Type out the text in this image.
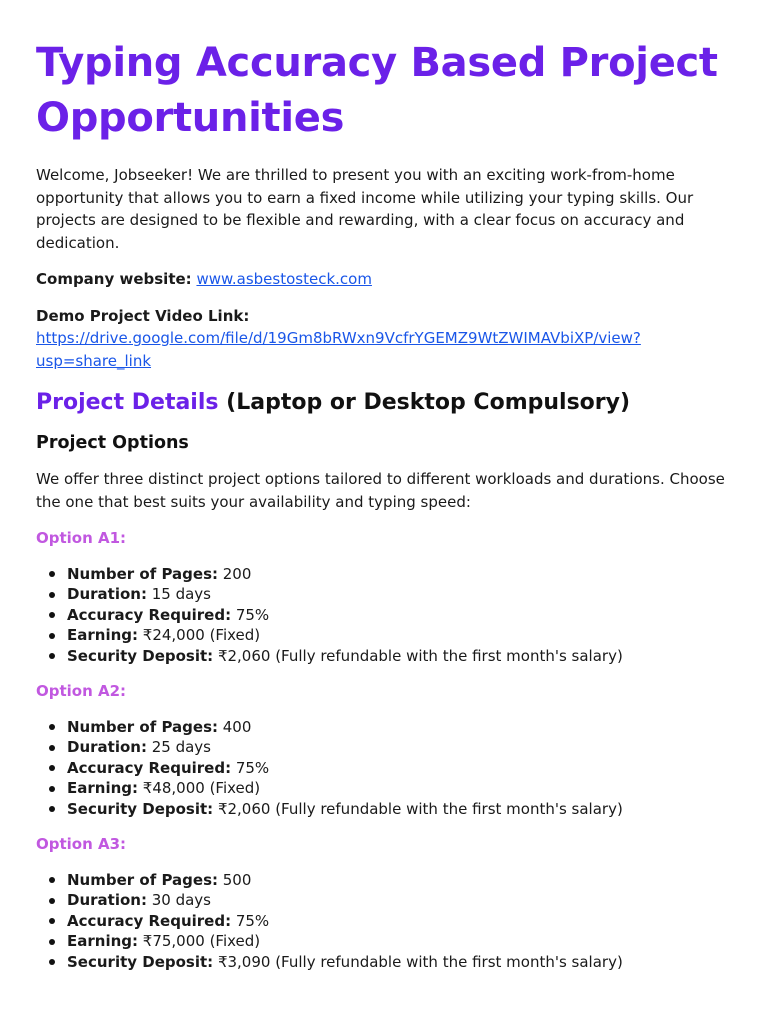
Typing Accuracy Based Project Opportunities

Welcome, Jobseeker! We are thrilled to present you with an exciting work-from-home opportunity that allows you to earn a fixed income while utilizing your typing skills. Our projects are designed to be flexible and rewarding, with a clear focus on accuracy and dedication.

Company website: www.asbestosteck.com

Demo Project Video Link:
https://drive.google.com/file/d/19Gm8bRWxn9VcfrYGEMZ9WtZWIMAVbiXP/view?usp=share_link

Project Details (Laptop or Desktop Compulsory)
Project Options

We offer three distinct project options tailored to different workloads and durations. Choose the one that best suits your availability and typing speed:

Option A1:
Number of Pages: 200
Duration: 15 days
Accuracy Required: 75%
Earning: ₹24,000 (Fixed)
Security Deposit: ₹2,060 (Fully refundable with the first month's salary)
Option A2:
Number of Pages: 400
Duration: 25 days
Accuracy Required: 75%
Earning: ₹48,000 (Fixed)
Security Deposit: ₹2,060 (Fully refundable with the first month's salary)
Option A3:
Number of Pages: 500
Duration: 30 days
Accuracy Required: 75%
Earning: ₹75,000 (Fixed)
Security Deposit: ₹3,090 (Fully refundable with the first month's salary)
